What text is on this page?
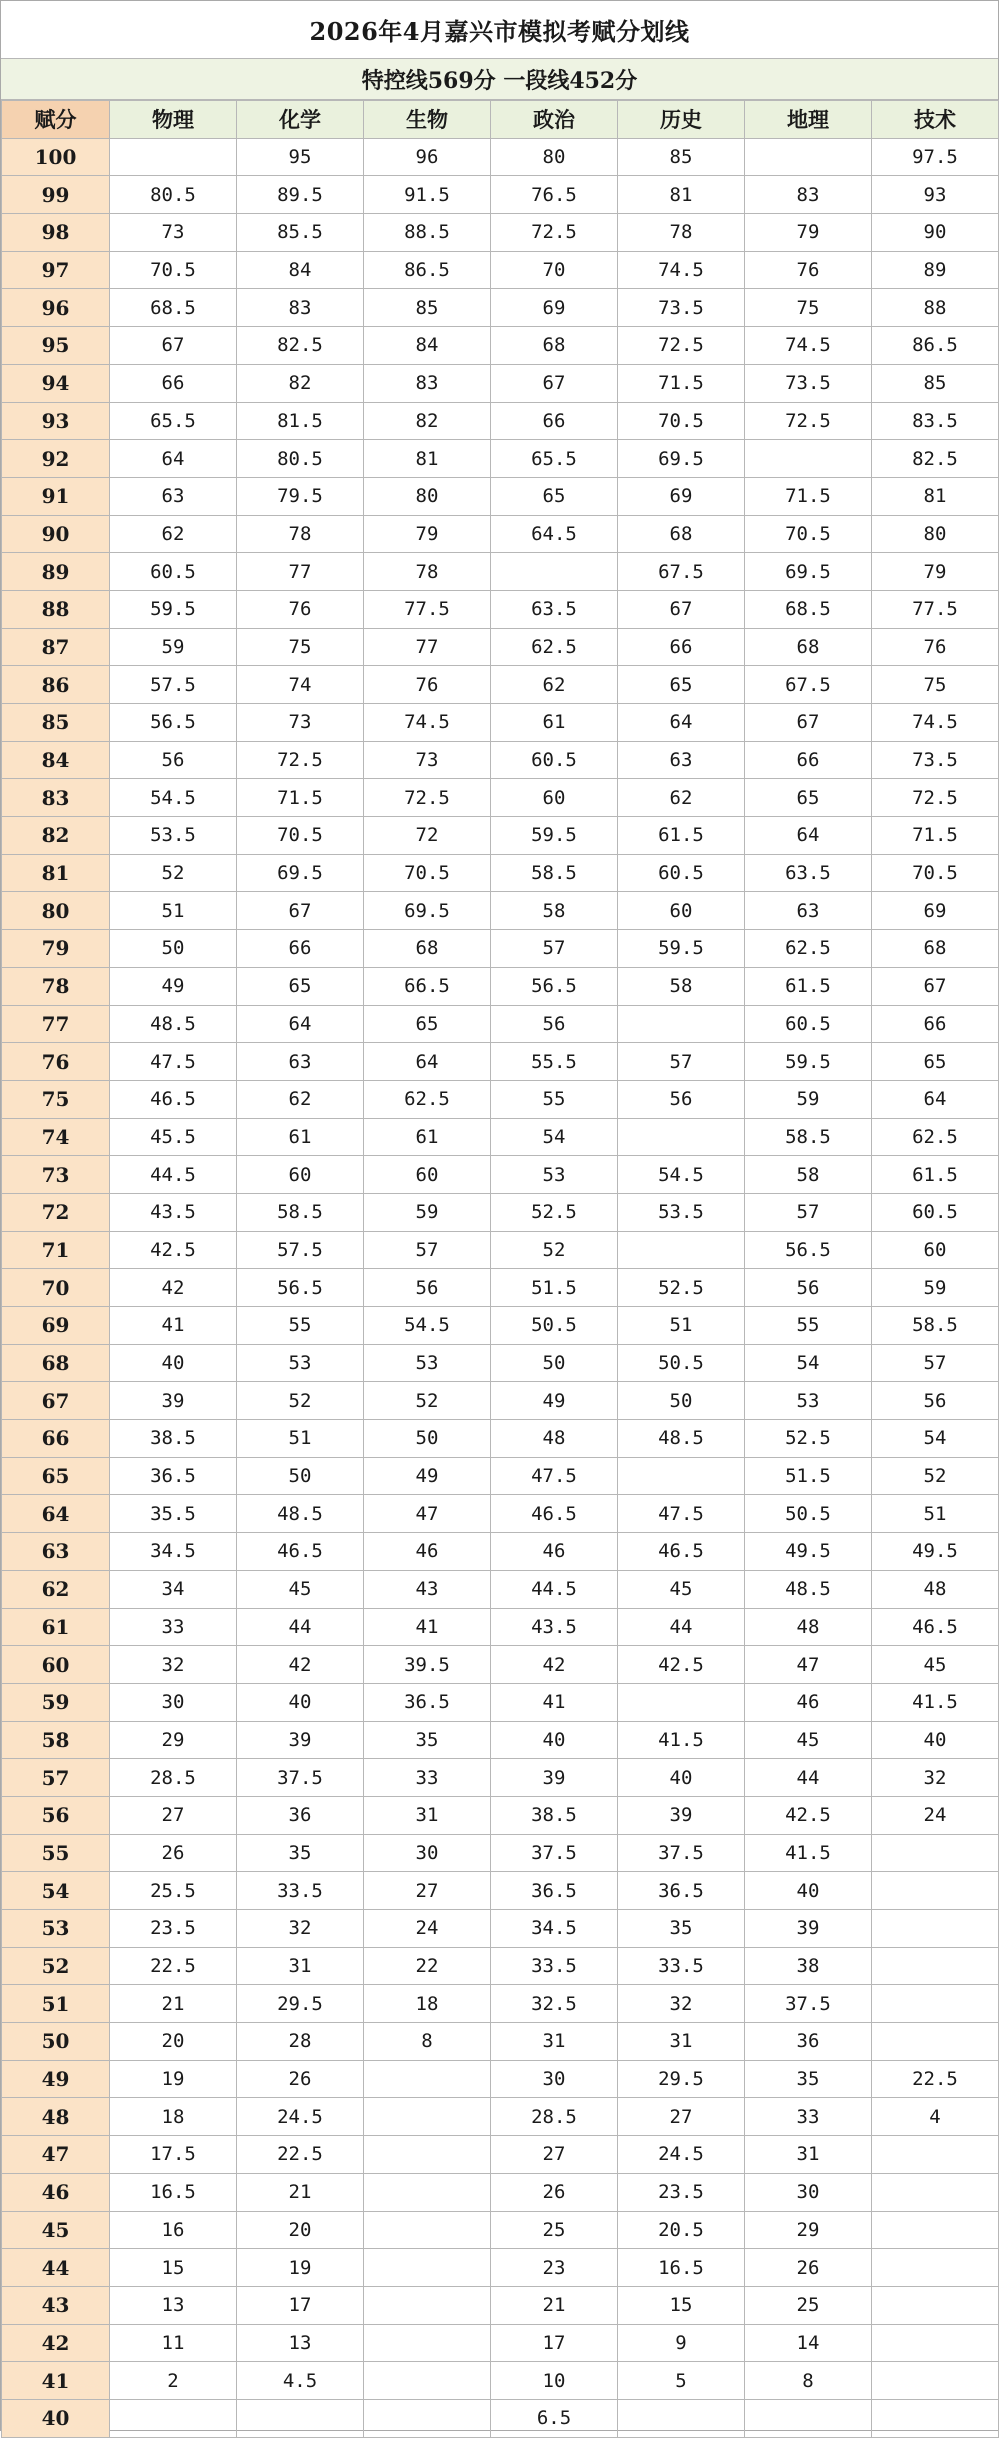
2026年4月嘉兴市模拟考赋分划线
特控线569分 一段线452分
赋分	物理	化学	生物	政治	历史	地理	技术
100		95	96	80	85		97.5
99	80.5	89.5	91.5	76.5	81	83	93
98	73	85.5	88.5	72.5	78	79	90
97	70.5	84	86.5	70	74.5	76	89
96	68.5	83	85	69	73.5	75	88
95	67	82.5	84	68	72.5	74.5	86.5
94	66	82	83	67	71.5	73.5	85
93	65.5	81.5	82	66	70.5	72.5	83.5
92	64	80.5	81	65.5	69.5		82.5
91	63	79.5	80	65	69	71.5	81
90	62	78	79	64.5	68	70.5	80
89	60.5	77	78		67.5	69.5	79
88	59.5	76	77.5	63.5	67	68.5	77.5
87	59	75	77	62.5	66	68	76
86	57.5	74	76	62	65	67.5	75
85	56.5	73	74.5	61	64	67	74.5
84	56	72.5	73	60.5	63	66	73.5
83	54.5	71.5	72.5	60	62	65	72.5
82	53.5	70.5	72	59.5	61.5	64	71.5
81	52	69.5	70.5	58.5	60.5	63.5	70.5
80	51	67	69.5	58	60	63	69
79	50	66	68	57	59.5	62.5	68
78	49	65	66.5	56.5	58	61.5	67
77	48.5	64	65	56		60.5	66
76	47.5	63	64	55.5	57	59.5	65
75	46.5	62	62.5	55	56	59	64
74	45.5	61	61	54		58.5	62.5
73	44.5	60	60	53	54.5	58	61.5
72	43.5	58.5	59	52.5	53.5	57	60.5
71	42.5	57.5	57	52		56.5	60
70	42	56.5	56	51.5	52.5	56	59
69	41	55	54.5	50.5	51	55	58.5
68	40	53	53	50	50.5	54	57
67	39	52	52	49	50	53	56
66	38.5	51	50	48	48.5	52.5	54
65	36.5	50	49	47.5		51.5	52
64	35.5	48.5	47	46.5	47.5	50.5	51
63	34.5	46.5	46	46	46.5	49.5	49.5
62	34	45	43	44.5	45	48.5	48
61	33	44	41	43.5	44	48	46.5
60	32	42	39.5	42	42.5	47	45
59	30	40	36.5	41		46	41.5
58	29	39	35	40	41.5	45	40
57	28.5	37.5	33	39	40	44	32
56	27	36	31	38.5	39	42.5	24
55	26	35	30	37.5	37.5	41.5	
54	25.5	33.5	27	36.5	36.5	40	
53	23.5	32	24	34.5	35	39	
52	22.5	31	22	33.5	33.5	38	
51	21	29.5	18	32.5	32	37.5	
50	20	28	8	31	31	36	
49	19	26		30	29.5	35	22.5
48	18	24.5		28.5	27	33	4
47	17.5	22.5		27	24.5	31	
46	16.5	21		26	23.5	30	
45	16	20		25	20.5	29	
44	15	19		23	16.5	26	
43	13	17		21	15	25	
42	11	13		17	9	14	
41	2	4.5		10	5	8	
40				6.5			
